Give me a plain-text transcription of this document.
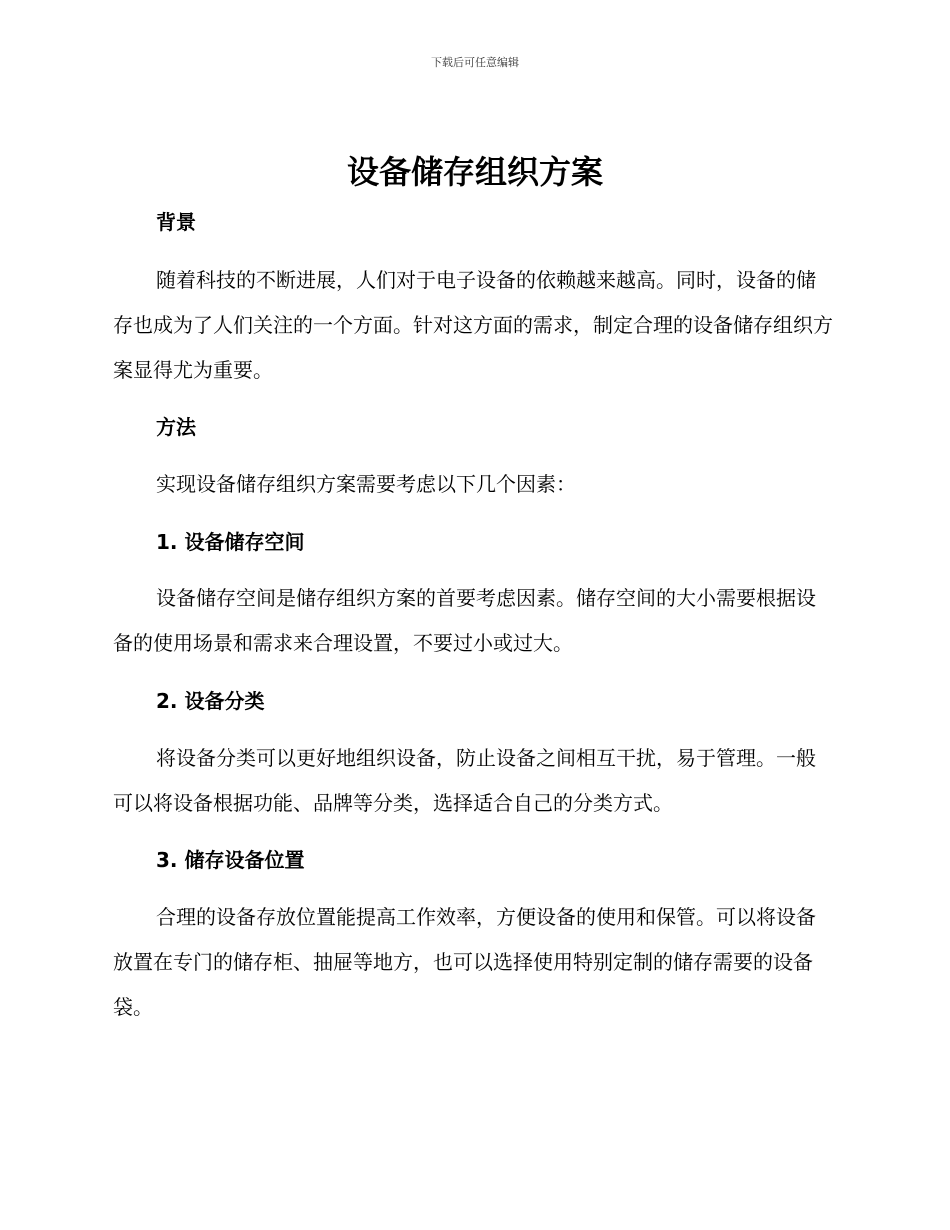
下载后可任意编辑
设备储存组织方案
背景
随着科技的不断进展，人们对于电子设备的依赖越来越高。同时，设备的储存也成为了人们关注的一个方面。针对这方面的需求，制定合理的设备储存组织方案显得尤为重要。
方法
实现设备储存组织方案需要考虑以下几个因素：
1. 设备储存空间
设备储存空间是储存组织方案的首要考虑因素。储存空间的大小需要根据设备的使用场景和需求来合理设置，不要过小或过大。
2. 设备分类
将设备分类可以更好地组织设备，防止设备之间相互干扰，易于管理。一般可以将设备根据功能、品牌等分类，选择适合自己的分类方式。
3. 储存设备位置
合理的设备存放位置能提高工作效率，方便设备的使用和保管。可以将设备放置在专门的储存柜、抽屉等地方，也可以选择使用特别定制的储存需要的设备袋。
